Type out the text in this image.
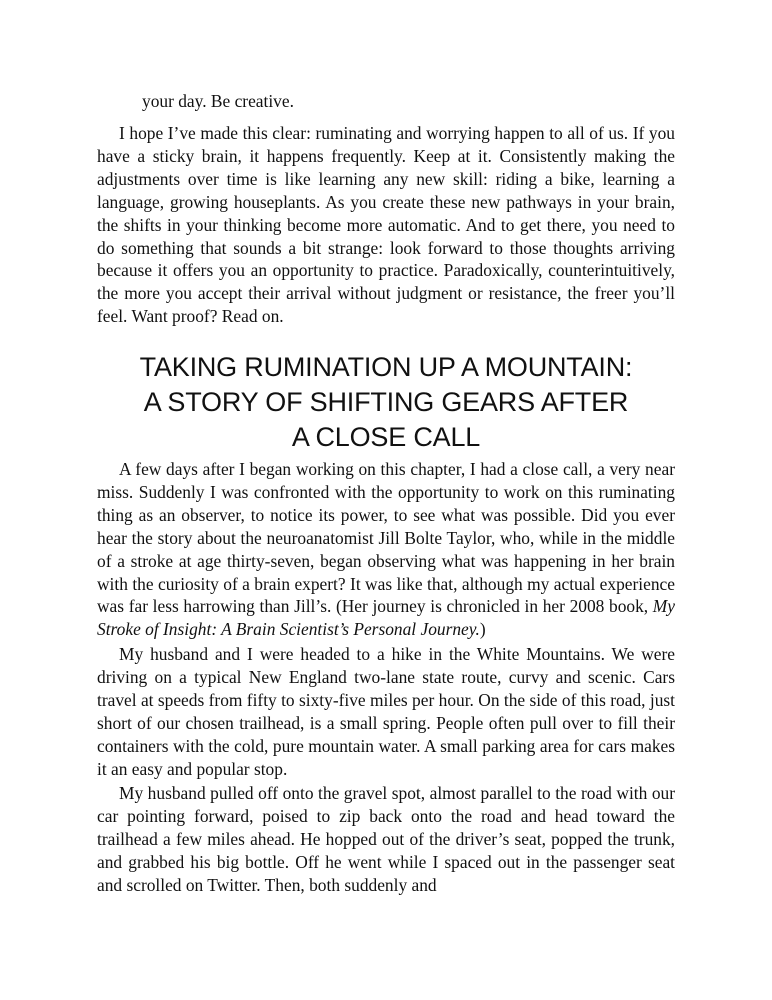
your day. Be creative.

I hope I’ve made this clear: ruminating and worrying happen to all of us. If you have a sticky brain, it happens frequently. Keep at it. Consistently making the adjustments over time is like learning any new skill: riding a bike, learning a language, growing houseplants. As you create these new pathways in your brain, the shifts in your thinking become more automatic. And to get there, you need to do something that sounds a bit strange: look forward to those thoughts arriving because it offers you an opportunity to practice. Paradoxically, counterintuitively, the more you accept their arrival without judgment or resistance, the freer you’ll feel. Want proof? Read on.

TAKING RUMINATION UP A MOUNTAIN:
A STORY OF SHIFTING GEARS AFTER
A CLOSE CALL

A few days after I began working on this chapter, I had a close call, a very near miss. Suddenly I was confronted with the opportunity to work on this ruminating thing as an observer, to notice its power, to see what was possible. Did you ever hear the story about the neuroanatomist Jill Bolte Taylor, who, while in the middle of a stroke at age thirty-seven, began observing what was happening in her brain with the curiosity of a brain expert? It was like that, although my actual experience was far less harrowing than Jill’s. (Her journey is chronicled in her 2008 book, My Stroke of Insight: A Brain Scientist’s Personal Journey.)

My husband and I were headed to a hike in the White Mountains. We were driving on a typical New England two-lane state route, curvy and scenic. Cars travel at speeds from fifty to sixty-five miles per hour. On the side of this road, just short of our chosen trailhead, is a small spring. People often pull over to fill their containers with the cold, pure mountain water. A small parking area for cars makes it an easy and popular stop.

My husband pulled off onto the gravel spot, almost parallel to the road with our car pointing forward, poised to zip back onto the road and head toward the trailhead a few miles ahead. He hopped out of the driver’s seat, popped the trunk, and grabbed his big bottle. Off he went while I spaced out in the passenger seat and scrolled on Twitter. Then, both suddenly and
